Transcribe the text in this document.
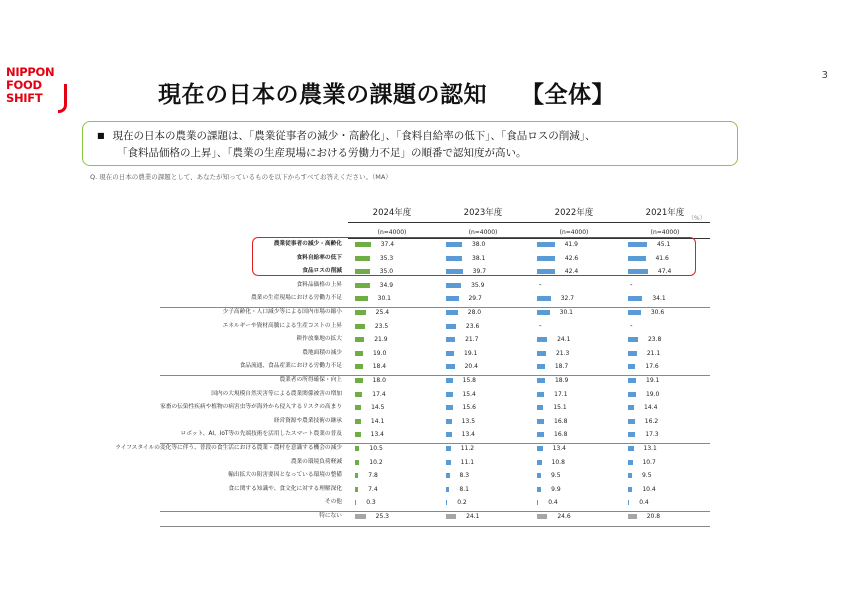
NIPPON
FOOD
SHIFT
3
現在の日本の農業の課題の認知 【全体】
■ 現在の日本の農業の課題は、「農業従事者の減少・高齢化」、「食料自給率の低下」、「食品ロスの削減」、
「食料品価格の上昇」、「農業の生産現場における労働力不足」の順番で認知度が高い。
Q. 現在の日本の農業の課題として、あなたが知っているものを以下からすべてお答えください。（MA）
2024年度
(n=4000)
2023年度
(n=4000)
2022年度
(n=4000)
2021年度
(n=4000)
（%）
農業従事者の減少・高齢化	37.4	38.0	41.9	45.1
食料自給率の低下	35.3	38.1	42.6	41.6
食品ロスの削減	35.0	39.7	42.4	47.4
食料品価格の上昇	34.9	35.9	-	-
農業の生産現場における労働力不足	30.1	29.7	32.7	34.1
少子高齢化・人口減少等による国内市場の縮小	25.4	28.0	30.1	30.6
エネルギーや資材高騰による生産コストの上昇	23.5	23.6	-	-
耕作放棄地の拡大	21.9	21.7	24.1	23.8
農地面積の減少	19.0	19.1	21.3	21.1
食品流通、食品産業における労働力不足	18.4	20.4	18.7	17.6
農業者の所得確保・向上	18.0	15.8	18.9	19.1
国内の大規模自然災害等による農業関係被害の増加	17.4	15.4	17.1	19.0
家畜の伝染性疾病や植物の病害虫等が海外から侵入するリスクの高まり	14.5	15.6	15.1	14.4
経営資源や農業技術の継承	14.1	13.5	16.8	16.2
ロボット、AI、IoT等の先端技術を活用したスマート農業の普及	13.4	13.4	16.8	17.3
ライフスタイルの変化等に伴う、普段の食生活における農業・農村を意識する機会の減少	10.5	11.2	13.4	13.1
農業の環境負荷軽減	10.2	11.1	10.8	10.7
輸出拡大の阻害要因となっている環境の整備	7.8	8.3	9.5	9.5
食に関する知識や、食文化に対する理解深化	7.4	8.1	9.9	10.4
その他	0.3	0.2	0.4	0.4
特にない	25.3	24.1	24.6	20.8
